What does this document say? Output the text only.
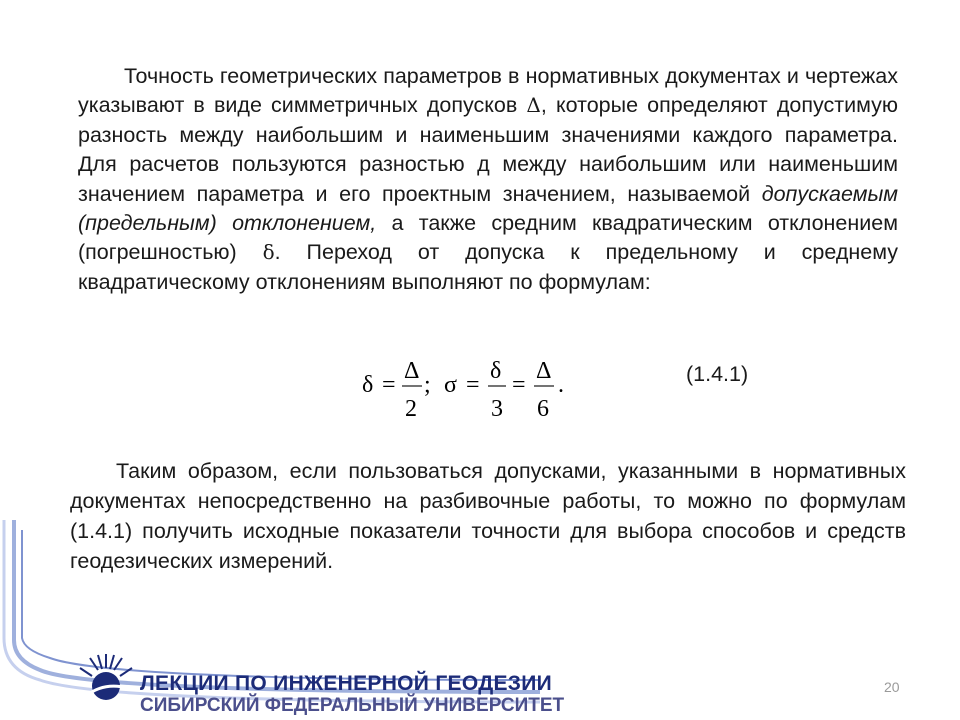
Точность геометрических параметров в нормативных документах и чертежах указывают в виде симметричных допусков Δ, которые определяют допустимую разность между наибольшим и наименьшим значениями каждого параметра. Для расчетов пользуются разностью д между наибольшим или наименьшим значением параметра и его проектным значением, называемой допускаемым (предельным) отклонением, а также средним квадратическим отклонением (погрешностью) δ. Переход от допуска к предельному и среднему квадратическому отклонениям выполняют по формулам:
δ =
Δ
2
; σ =
δ
3
=
Δ
6
.	(1.4.1)
Таким образом, если пользоваться допусками, указанными в нормативных документах непосредственно на разбивочные работы, то можно по формулам (1.4.1) получить исходные показатели точности для выбора способов и средств геодезических измерений.
ЛЕКЦИИ ПО ИНЖЕНЕРНОЙ ГЕОДЕЗИИ
СИБИРСКИЙ ФЕДЕРАЛЬНЫЙ УНИВЕРСИТЕТ
20
